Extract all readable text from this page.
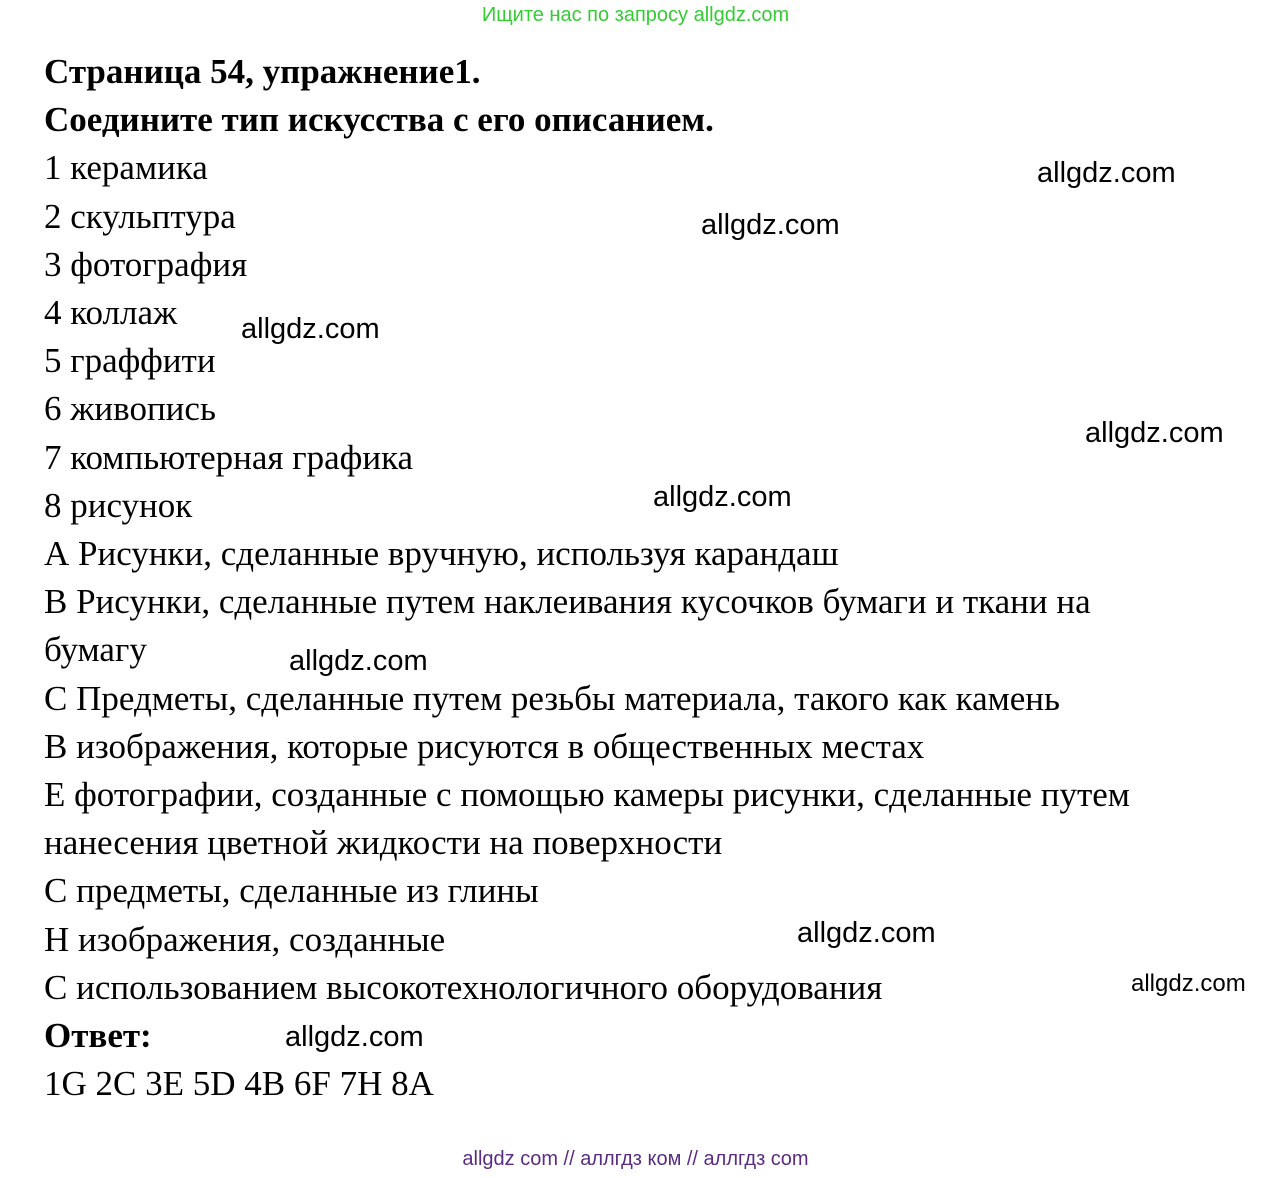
Ищите нас по запросу allgdz.com

Страница 54, упражнение1.

Соедините тип искусства с его описанием.

1 керамика

2 скульптура

3 фотография

4 коллаж

5 граффити

6 живопись

7 компьютерная графика

8 рисунок

А Рисунки, сделанные вручную, используя карандаш

В Рисунки, сделанные путем наклеивания кусочков бумаги и ткани на

бумагу

С Предметы, сделанные путем резьбы материала, такого как камень

В изображения, которые рисуются в общественных местах

Е фотографии, созданные с помощью камеры рисунки, сделанные путем

нанесения цветной жидкости на поверхности

С предметы, сделанные из глины

Н изображения, созданные

С использованием высокотехнологичного оборудования

Ответ:

1G 2C 3E 5D 4B 6F 7H 8A

allgdz.com
allgdz.com
allgdz.com
allgdz.com
allgdz.com
allgdz.com
allgdz.com
allgdz.com
allgdz.com
allgdz com // аллгдз ком // аллгдз com
